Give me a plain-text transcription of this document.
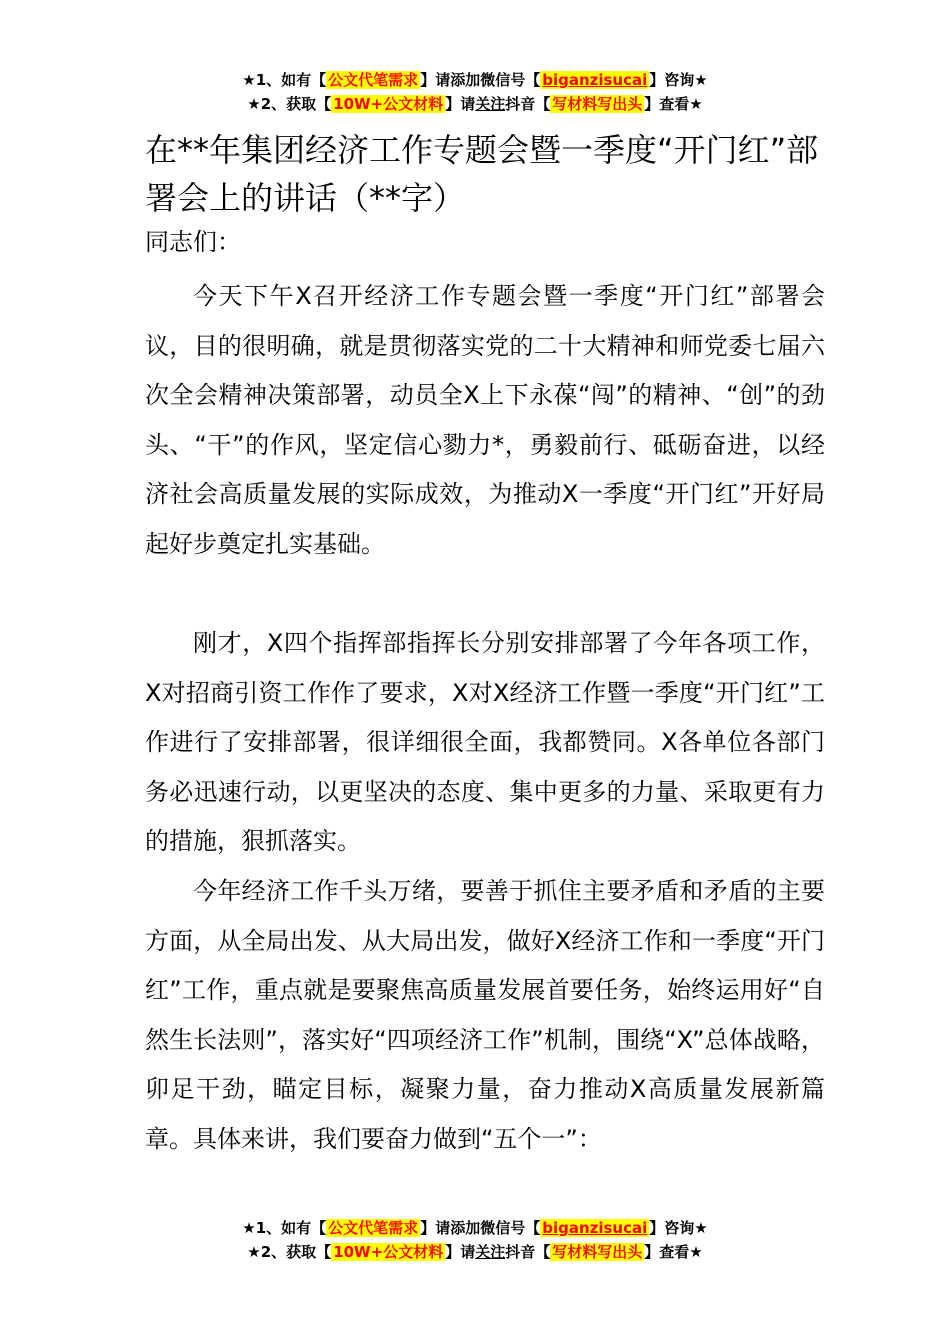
★1、如有【 公文代笔需求 】请添加微信号【 biganzisucai 】咨询★
★2、获取【 10W+公文材料 】请关注抖音【 写材料写出头 】查看★
在**年集团经济工作专题会暨一季度“开门红”部署会上的讲话（**字）

同志们：

今天下午X召开经济工作专题会暨一季度“开门红”部署会议，目的很明确，就是贯彻落实党的二十大精神和师党委七届六次全会精神决策部署，动员全X上下永葆“闯”的精神、“创”的劲头、“干”的作风，坚定信心勠力*，勇毅前行、砥砺奋进，以经济社会高质量发展的实际成效，为推动X一季度“开门红”开好局起好步奠定扎实基础。

刚才，X四个指挥部指挥长分别安排部署了今年各项工作，X对招商引资工作作了要求，X对X经济工作暨一季度“开门红”工作进行了安排部署，很详细很全面，我都赞同。X各单位各部门务必迅速行动，以更坚决的态度、集中更多的力量、采取更有力的措施，狠抓落实。

今年经济工作千头万绪，要善于抓住主要矛盾和矛盾的主要方面，从全局出发、从大局出发，做好X经济工作和一季度“开门红”工作，重点就是要聚焦高质量发展首要任务，始终运用好“自然生长法则”，落实好“四项经济工作”机制，围绕“X”总体战略，卯足干劲，瞄定目标，凝聚力量，奋力推动X高质量发展新篇章。具体来讲，我们要奋力做到“五个一”：

★1、如有【 公文代笔需求 】请添加微信号【 biganzisucai 】咨询★
★2、获取【 10W+公文材料 】请关注抖音【 写材料写出头 】查看★
